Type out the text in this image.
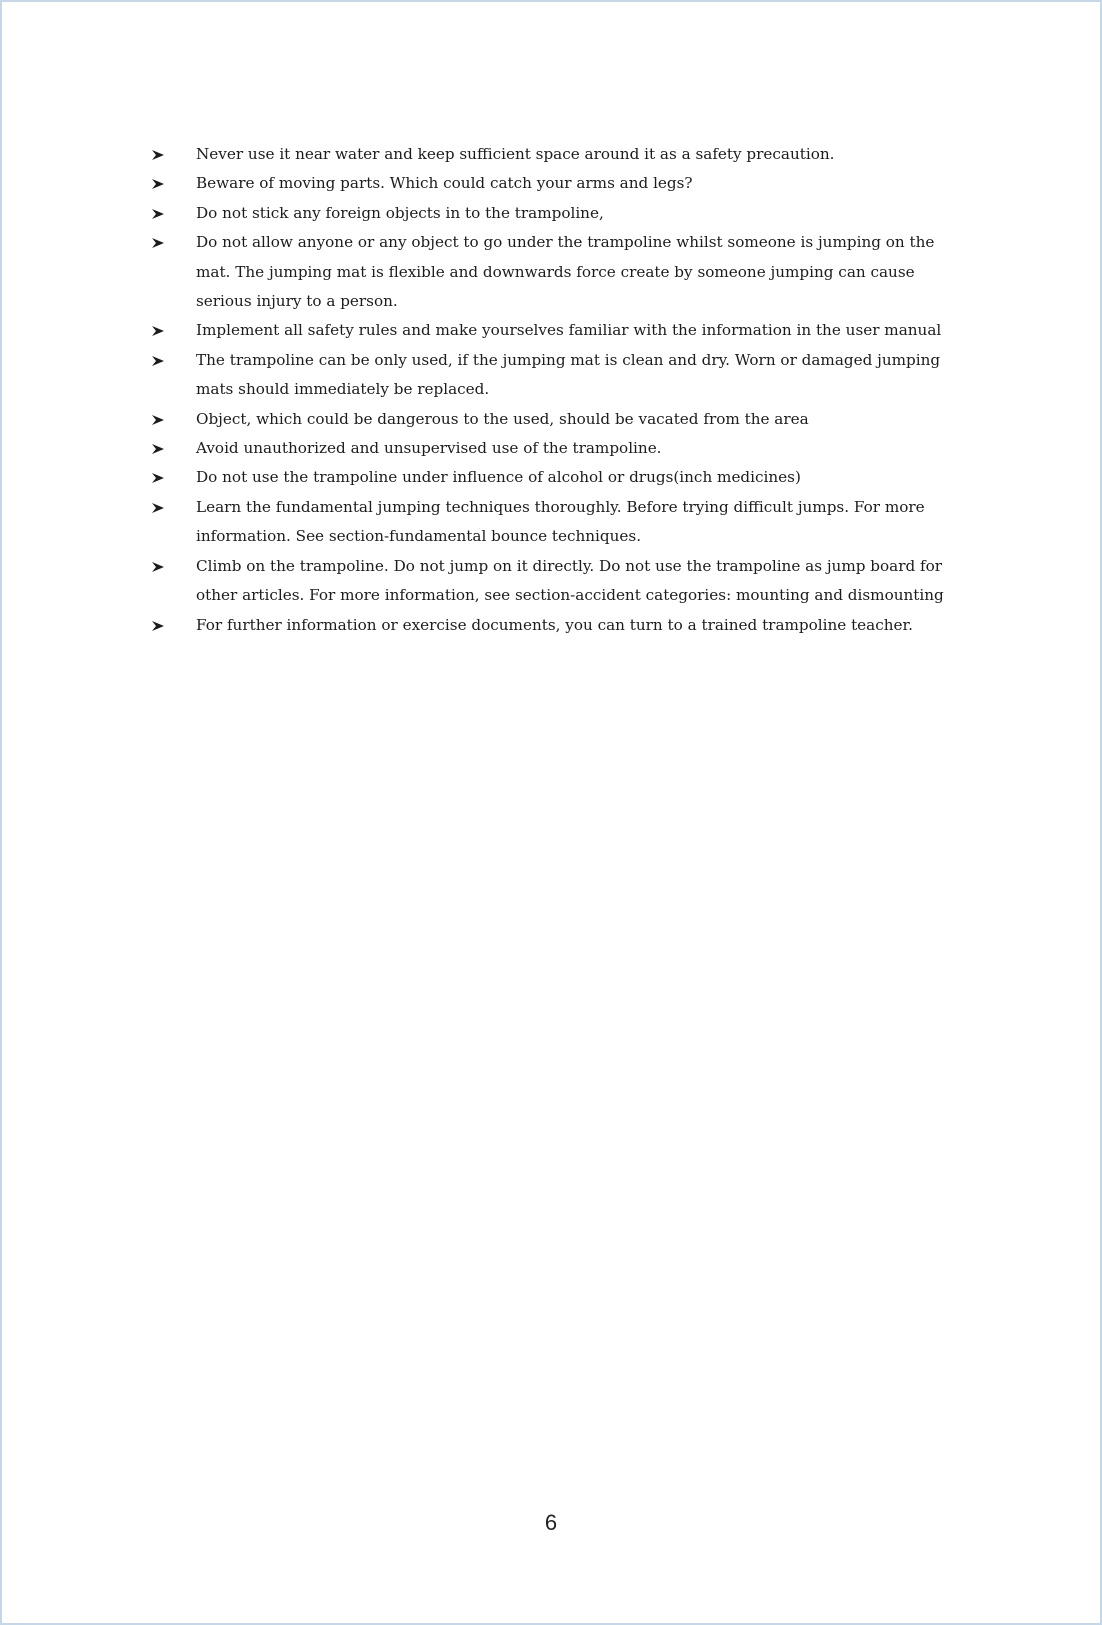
Never use it near water and keep sufficient space around it as a safety precaution.
Beware of moving parts. Which could catch your arms and legs?
Do not stick any foreign objects in to the trampoline,
Do not allow anyone or any object to go under the trampoline whilst someone is jumping on the mat. The jumping mat is flexible and downwards force create by someone jumping can cause serious injury to a person.
Implement all safety rules and make yourselves familiar with the information in the user manual
The trampoline can be only used, if the jumping mat is clean and dry. Worn or damaged jumping mats should immediately be replaced.
Object, which could be dangerous to the used, should be vacated from the area
Avoid unauthorized and unsupervised use of the trampoline.
Do not use the trampoline under influence of alcohol or drugs(inch medicines)
Learn the fundamental jumping techniques thoroughly. Before trying difficult jumps. For more information. See section-fundamental bounce techniques.
Climb on the trampoline. Do not jump on it directly. Do not use the trampoline as jump board for other articles. For more information, see section-accident categories: mounting and dismounting
For further information or exercise documents, you can turn to a trained trampoline teacher.
6
